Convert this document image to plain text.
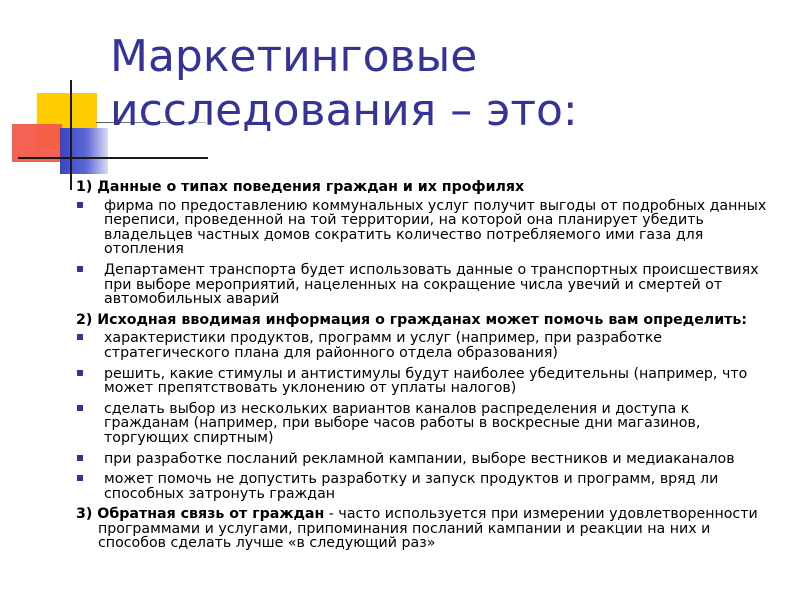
Маркетинговые
исследования – это:
1) Данные о типах поведения граждан и их профилях
фирма по предоставлению коммунальных услуг получит выгоды от подробных данных переписи, проведенной на той территории, на которой она планирует убедить владельцев частных домов сократить количество потребляемого ими газа для отопления
Департамент транспорта будет использовать данные о транспортных происшествиях при выборе мероприятий, нацеленных на сокращение числа увечий и смертей от автомобильных аварий
2) Исходная вводимая информация о гражданах может помочь вам определить:
характеристики продуктов, программ и услуг (например, при разработке стратегического плана для районного отдела образования)
решить, какие стимулы и антистимулы будут наиболее убедительны (например, что может препятствовать уклонению от уплаты налогов)
сделать выбор из нескольких вариантов каналов распределения и доступа к гражданам (например, при выборе часов работы в воскресные дни магазинов, торгующих спиртным)
при разработке посланий рекламной кампании, выборе вестников и медиаканалов
может помочь не допустить разработку и запуск продуктов и программ, вряд ли способных затронуть граждан
3) Обратная связь от граждан - часто используется при измерении удовлетворенности программами и услугами, припоминания посланий кампании и реакции на них и способов сделать лучше «в следующий раз»
